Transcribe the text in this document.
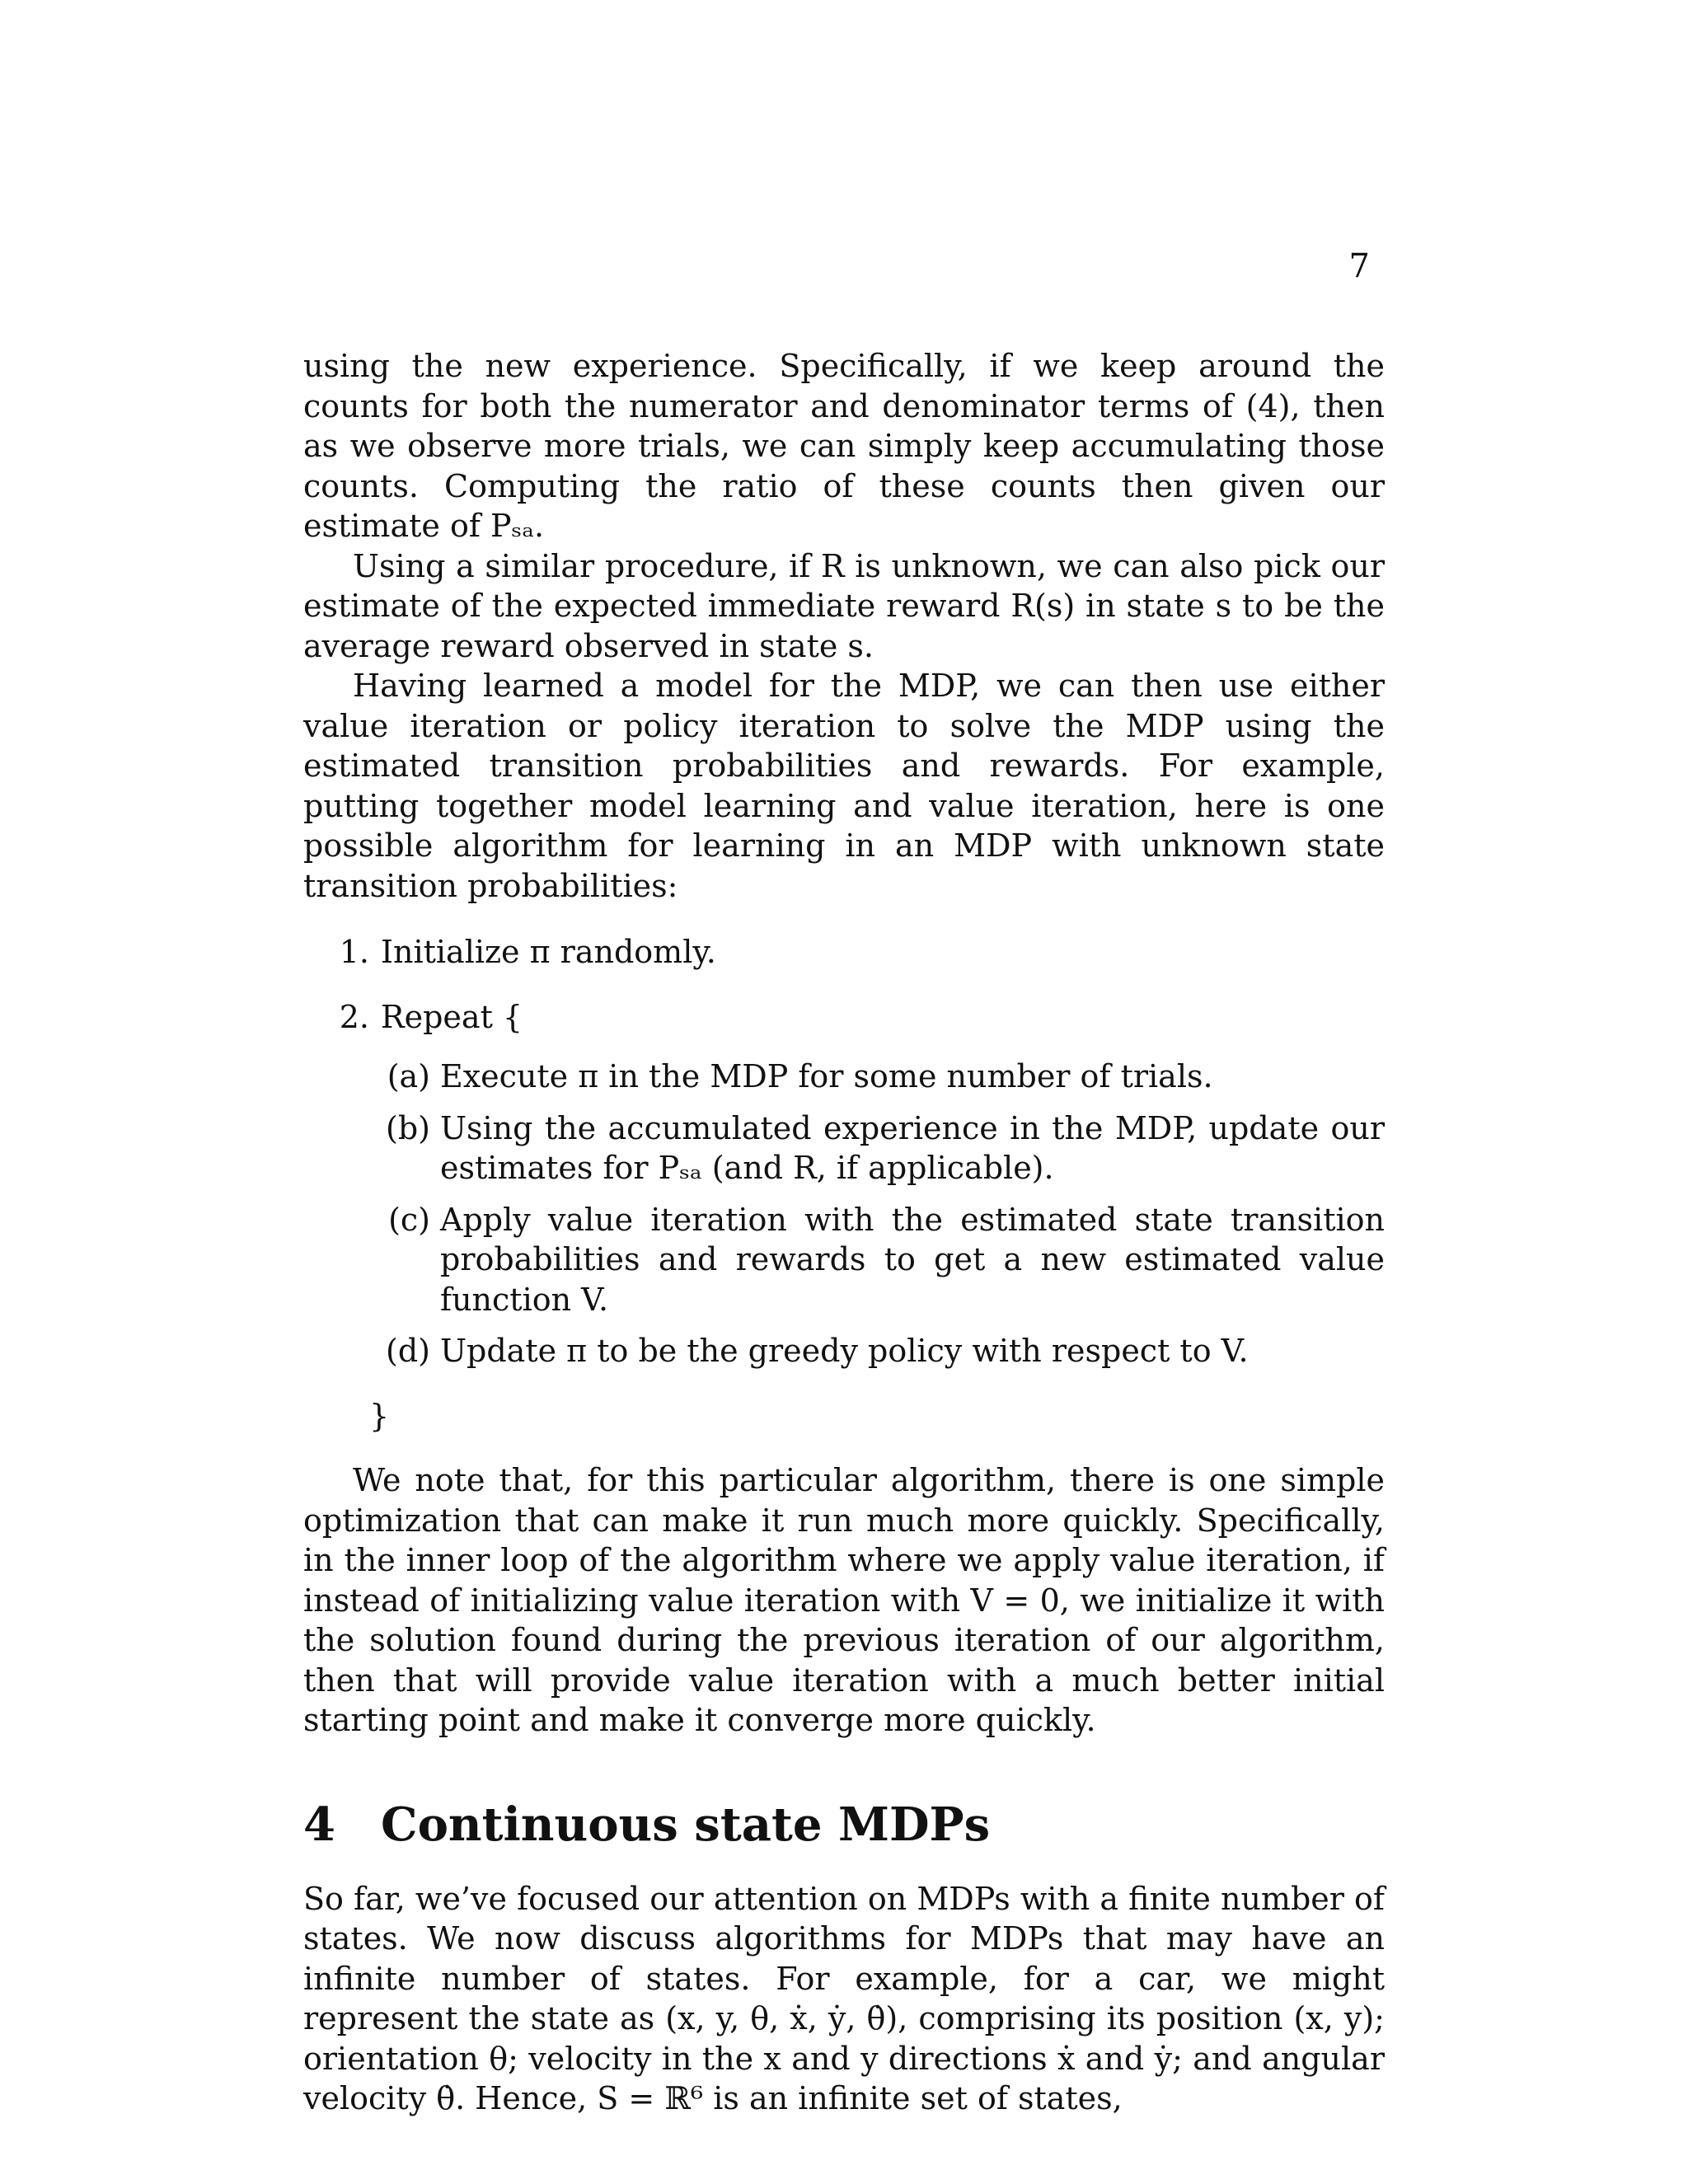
7

using the new experience. Specifically, if we keep around the counts for both the numerator and denominator terms of (4), then as we observe more trials, we can simply keep accumulating those counts. Computing the ratio of these counts then given our estimate of Pₛₐ.

Using a similar procedure, if R is unknown, we can also pick our estimate of the expected immediate reward R(s) in state s to be the average reward observed in state s.

Having learned a model for the MDP, we can then use either value iteration or policy iteration to solve the MDP using the estimated transition probabilities and rewards. For example, putting together model learning and value iteration, here is one possible algorithm for learning in an MDP with unknown state transition probabilities:

1. Initialize π randomly.
2. Repeat {
(a) Execute π in the MDP for some number of trials.
(b) Using the accumulated experience in the MDP, update our estimates for Pₛₐ (and R, if applicable).
(c) Apply value iteration with the estimated state transition probabilities and rewards to get a new estimated value function V.
(d) Update π to be the greedy policy with respect to V.
}

We note that, for this particular algorithm, there is one simple optimization that can make it run much more quickly. Specifically, in the inner loop of the algorithm where we apply value iteration, if instead of initializing value iteration with V = 0, we initialize it with the solution found during the previous iteration of our algorithm, then that will provide value iteration with a much better initial starting point and make it converge more quickly.

4 Continuous state MDPs

So far, we’ve focused our attention on MDPs with a finite number of states. We now discuss algorithms for MDPs that may have an infinite number of states. For example, for a car, we might represent the state as (x, y, θ, ẋ, ẏ, θ̇), comprising its position (x, y); orientation θ; velocity in the x and y directions ẋ and ẏ; and angular velocity θ̇. Hence, S = ℝ⁶ is an infinite set of states,
